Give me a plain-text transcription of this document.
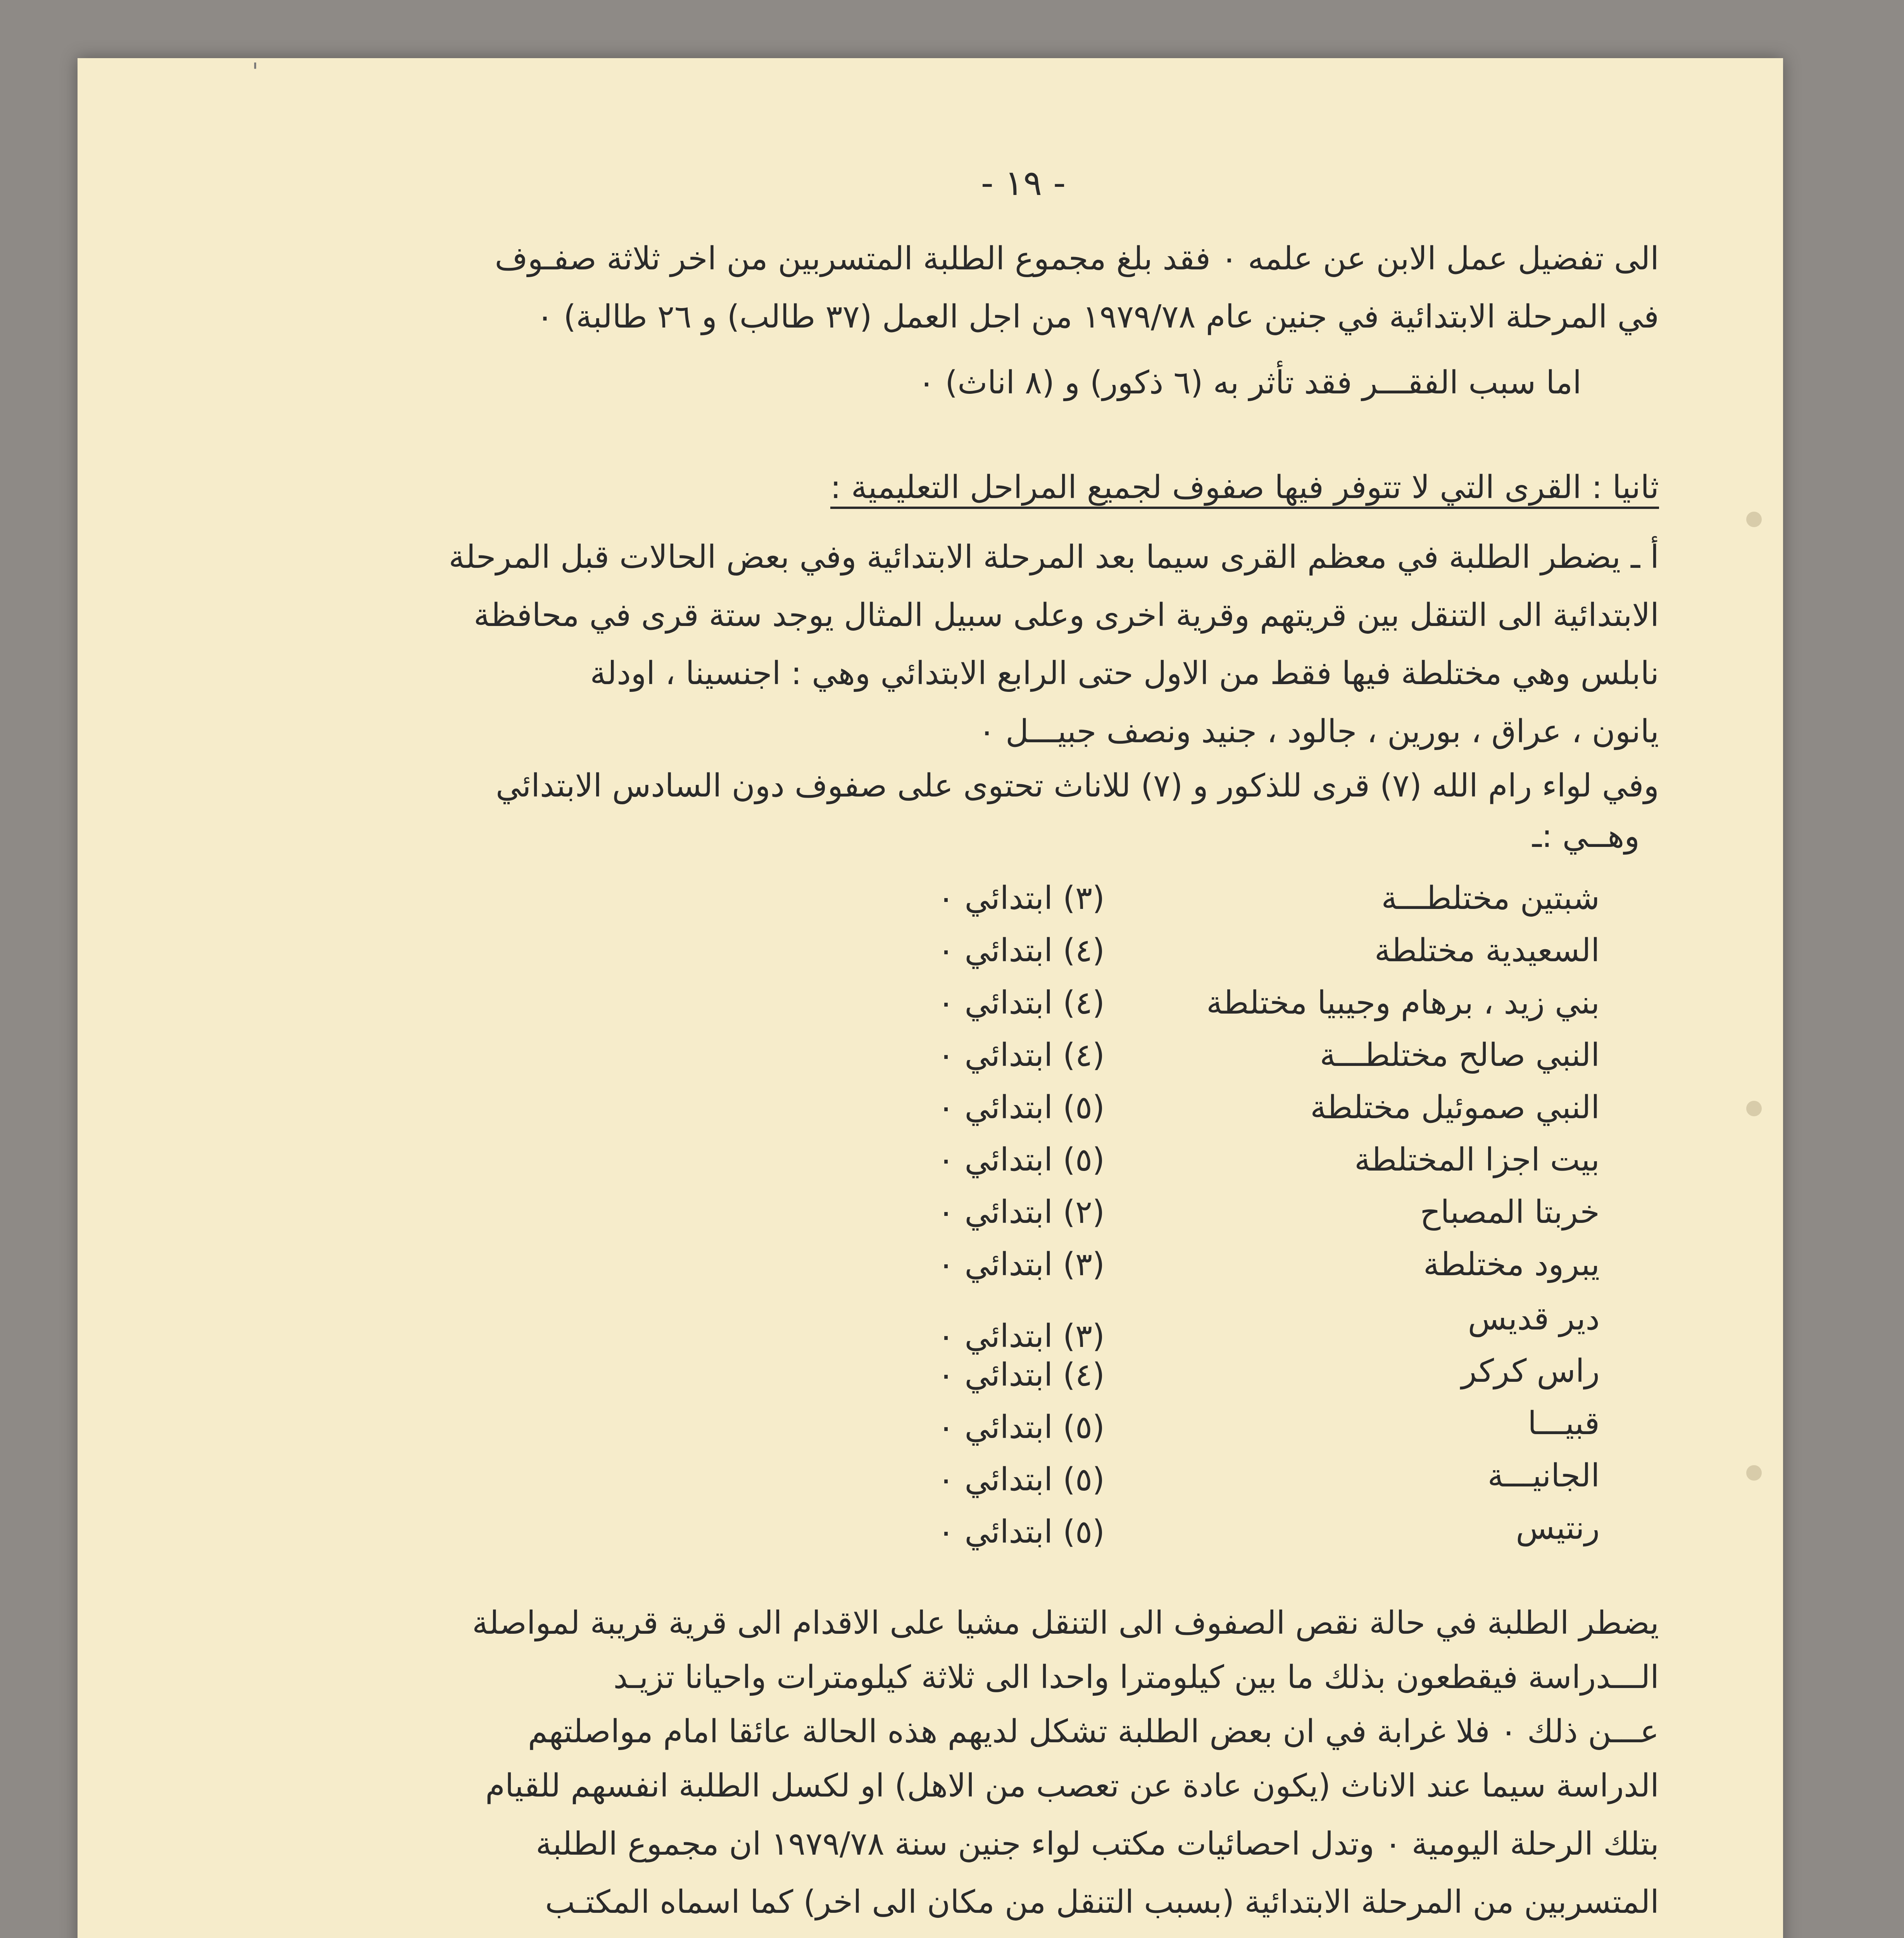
'
- ١٩ -
الى تفضيل عمل الابن عن علمه ٠ فقد بلغ مجموع الطلبة المتسربين من اخر ثلاثة صفـوف
في المرحلة الابتدائية في جنين عام ١٩٧٩/٧٨ من اجل العمل (٣٧ طالب) و ٢٦ طالبة) ٠
اما سبب الفقـــر فقد تأثر به (٦ ذكور) و (٨ اناث) ٠
ثانيا : القرى التي لا تتوفر فيها صفوف لجميع المراحل التعليمية :
أ ـ يضطر الطلبة في معظم القرى سيما بعد المرحلة الابتدائية وفي بعض الحالات قبل المرحلة
الابتدائية الى التنقل بين قريتهم وقرية اخرى وعلى سبيل المثال يوجد ستة قرى في محافظة
نابلس وهي مختلطة فيها فقط من الاول حتى الرابع الابتدائي وهي : اجنسينا ، اودلة
يانون ، عراق ، بورين ، جالود ، جنيد ونصف جبيـــل ٠
وفي لواء رام الله (٧) قرى للذكور و (٧) للاناث تحتوى على صفوف دون السادس الابتدائي
وهــي :ـ
شبتين مختلطـــة
(٣) ابتدائي ٠
السعيدية مختلطة
(٤) ابتدائي ٠
بني زيد ، برهام وجيبيا مختلطة
(٤) ابتدائي ٠
النبي صالح مختلطـــة
(٤) ابتدائي ٠
النبي صموئيل مختلطة
(٥) ابتدائي ٠
بيت اجزا المختلطة
(٥) ابتدائي ٠
خربتا المصباح
(٢) ابتدائي ٠
يبرود مختلطة
(٣) ابتدائي ٠
دير قديس
(٣) ابتدائي ٠
راس كركر
(٤) ابتدائي ٠
قبيـــا
(٥) ابتدائي ٠
الجانيـــة
(٥) ابتدائي ٠
رنتيس
(٥) ابتدائي ٠
يضطر الطلبة في حالة نقص الصفوف الى التنقل مشيا على الاقدام الى قرية قريبة لمواصلة
الـــدراسة فيقطعون بذلك ما بين كيلومترا واحدا الى ثلاثة كيلومترات واحيانا تزيـد
عـــن ذلك ٠ فلا غرابة في ان بعض الطلبة تشكل لديهم هذه الحالة عائقا امام مواصلتهم
الدراسة سيما عند الاناث (يكون عادة عن تعصب من الاهل) او لكسل الطلبة انفسهم للقيام
بتلك الرحلة اليومية ٠ وتدل احصائيات مكتب لواء جنين سنة ١٩٧٩/٧٨ ان مجموع الطلبة
المتسربين من المرحلة الابتدائية (بسبب التنقل من مكان الى اخر) كما اسماه المكتـب
